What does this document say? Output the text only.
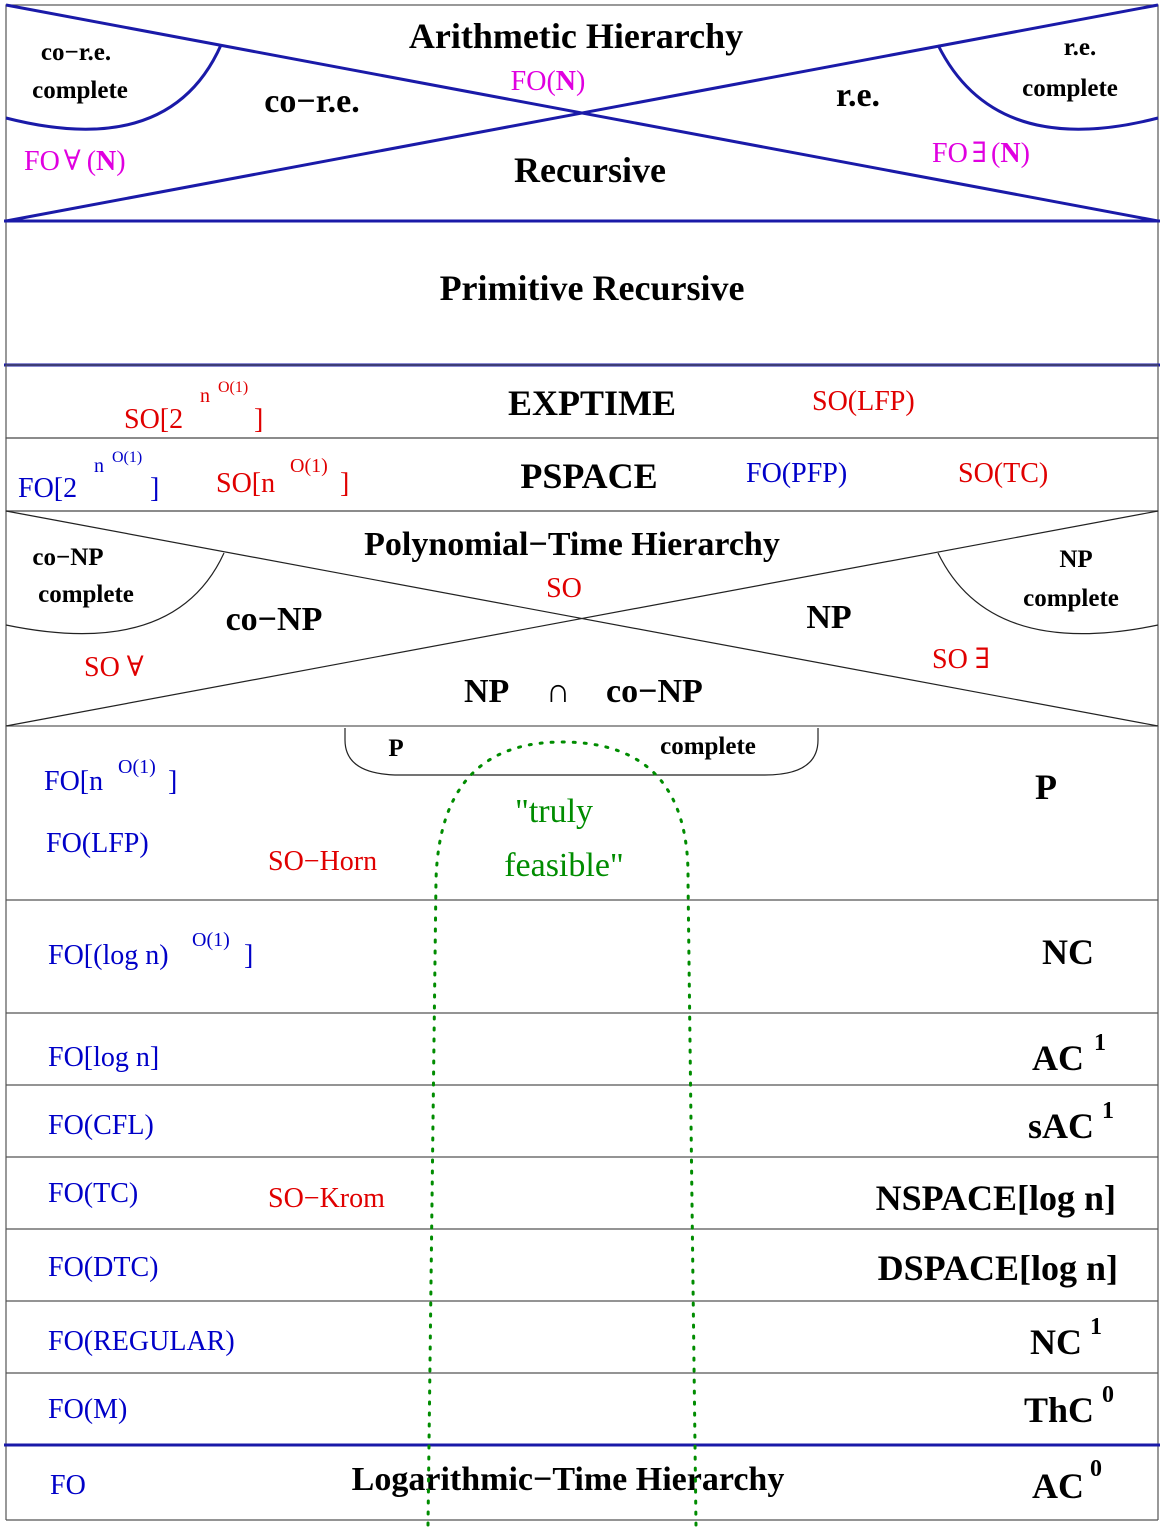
Arithmetic Hierarchy
co−r.e.
complete
r.e.
complete
FO(N)
co−r.e.	r.e.
FO ∀ (N)	FO ∃ (N)
Recursive
Primitive Recursive
EXPTIME
SO[2n O(1)]
SO(LFP)
PSPACE
FO[2n O(1)] SO[nO(1)]	FO(PFP)	SO(TC)
Polynomial−Time Hierarchy
co−NP
complete
NP
complete
SO
co−NP	NP
SO ∀	SO ∃
NP ∩ co−NP
P	complete
FO[n O(1) ]
FO(LFP)
SO−Horn
"truly
feasible"
P
FO[(log n) O(1) ]	NC
FO[log n]	AC 1
FO(CFL)	sAC 1
FO(TC)	SO−Krom	NSPACE[log n]
FO(DTC)	DSPACE[log n]
FO(REGULAR)	NC 1
FO(M)	ThC 0
FO	Logarithmic−Time Hierarchy	AC 0
